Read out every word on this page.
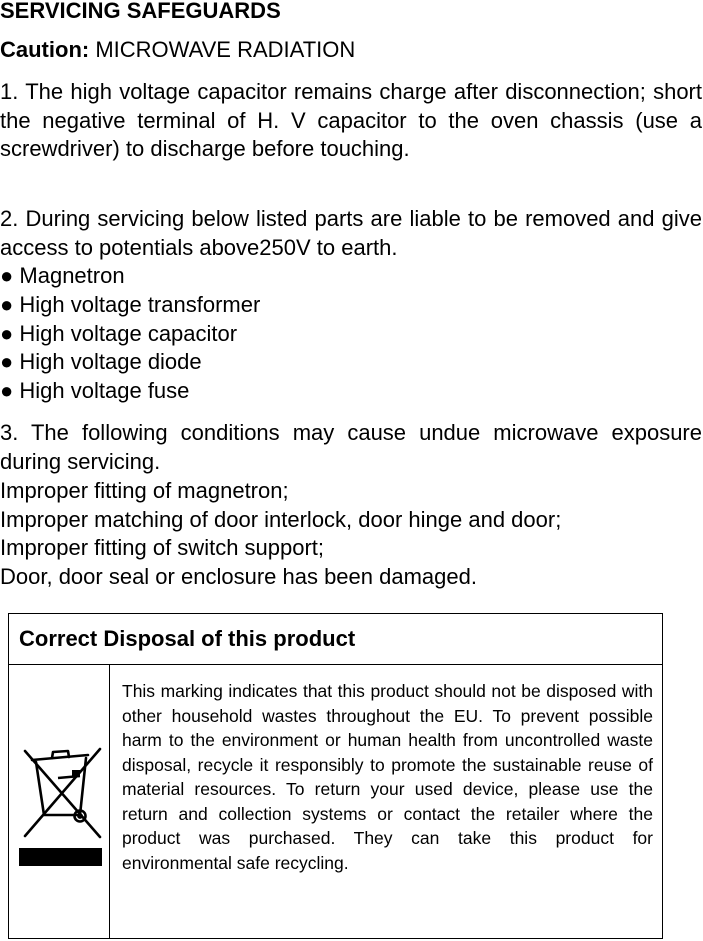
SERVICING SAFEGUARDS
Caution: MICROWAVE RADIATION
1. The high voltage capacitor remains charge after disconnection; short the negative terminal of H. V capacitor to the oven chassis (use a screwdriver) to discharge before touching.
2. During servicing below listed parts are liable to be removed and give access to potentials above250V to earth.
● Magnetron
● High voltage transformer
● High voltage capacitor
● High voltage diode
● High voltage fuse
3. The following conditions may cause undue microwave exposure during servicing.
Improper fitting of magnetron;
Improper matching of door interlock, door hinge and door;
Improper fitting of switch support;
Door, door seal or enclosure has been damaged.
Correct Disposal of this product
This marking indicates that this product should not be disposed with other household wastes throughout the EU. To prevent possible harm to the environment or human health from uncontrolled waste disposal, recycle it responsibly to promote the sustainable reuse of material resources. To return your used device, please use the return and collection systems or contact the retailer where the product was purchased. They can take this product for environmental safe recycling.
